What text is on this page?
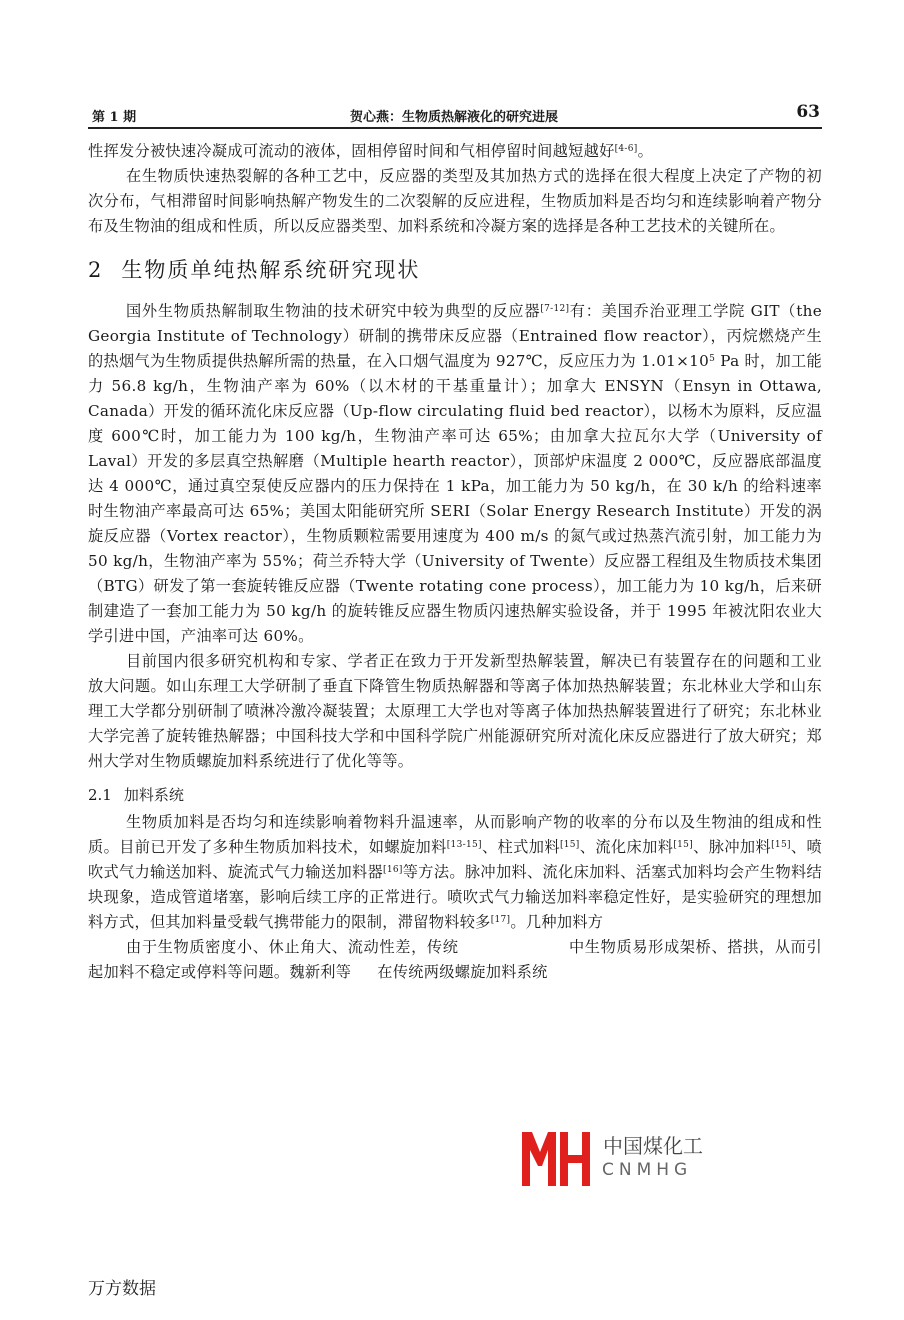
第 1 期	贺心燕：生物质热解液化的研究进展	63

性挥发分被快速冷凝成可流动的液体，固相停留时间和气相停留时间越短越好[4-6]。

在生物质快速热裂解的各种工艺中，反应器的类型及其加热方式的选择在很大程度上决定了产物的初次分布，气相滞留时间影响热解产物发生的二次裂解的反应进程，生物质加料是否均匀和连续影响着产物分布及生物油的组成和性质，所以反应器类型、加料系统和冷凝方案的选择是各种工艺技术的关键所在。

2 生物质单纯热解系统研究现状

国外生物质热解制取生物油的技术研究中较为典型的反应器[7-12]有：美国乔治亚理工学院 GIT（the Georgia Institute of Technology）研制的携带床反应器（Entrained flow reactor），丙烷燃烧产生的热烟气为生物质提供热解所需的热量，在入口烟气温度为 927℃，反应压力为 $1.01\times 10^5$ Pa 时，加工能力 56.8 kg/h，生物油产率为 60%（以木材的干基重量计）；加拿大 ENSYN（Ensyn in Ottawa, Canada）开发的循环流化床反应器（Up-flow circulating fluid bed reactor），以杨木为原料，反应温度 600℃时，加工能力为 100 kg/h，生物油产率可达 65%；由加拿大拉瓦尔大学（University of Laval）开发的多层真空热解磨（Multiple hearth reactor），顶部炉床温度 2 000℃，反应器底部温度达 4 000℃，通过真空泵使反应器内的压力保持在 1 kPa，加工能力为 50 kg/h，在 30 k/h 的给料速率时生物油产率最高可达 65%；美国太阳能研究所 SERI（Solar Energy Research Institute）开发的涡旋反应器（Vortex reactor），生物质颗粒需要用速度为 400 m/s 的氮气或过热蒸汽流引射，加工能力为 50 kg/h，生物油产率为 55%；荷兰乔特大学（University of Twente）反应器工程组及生物质技术集团（BTG）研发了第一套旋转锥反应器（Twente rotating cone process），加工能力为 10 kg/h，后来研制建造了一套加工能力为 50 kg/h 的旋转锥反应器生物质闪速热解实验设备，并于 1995 年被沈阳农业大学引进中国，产油率可达 60%。

目前国内很多研究机构和专家、学者正在致力于开发新型热解装置，解决已有装置存在的问题和工业放大问题。如山东理工大学研制了垂直下降管生物质热解器和等离子体加热热解装置；东北林业大学和山东理工大学都分别研制了喷淋冷激冷凝装置；太原理工大学也对等离子体加热热解装置进行了研究；东北林业大学完善了旋转锥热解器；中国科技大学和中国科学院广州能源研究所对流化床反应器进行了放大研究；郑州大学对生物质螺旋加料系统进行了优化等等。

2.1 加料系统

生物质加料是否均匀和连续影响着物料升温速率，从而影响产物的收率的分布以及生物油的组成和性质。目前已开发了多种生物质加料技术，如螺旋加料[13-15]、柱式加料[15]、流化床加料[15]、脉冲加料[15]、喷吹式气力输送加料、旋流式气力输送加料器[16]等方法。脉冲加料、流化床加料、活塞式加料均会产生物料结块现象，造成管道堵塞，影响后续工序的正常进行。喷吹式气力输送加料率稳定性好，是实验研究的理想加料方式，但其加料量受载气携带能力的限制，滞留物料较多[17]。几种加料方

由于生物质密度小、休止角大、流动性差，传统	中生物质易形成架桥、搭拱，从而引起加料不稳定或停料等问题。魏新利等 在传统两级螺旋加料系统

中国煤化工
CNMHG
万方数据
